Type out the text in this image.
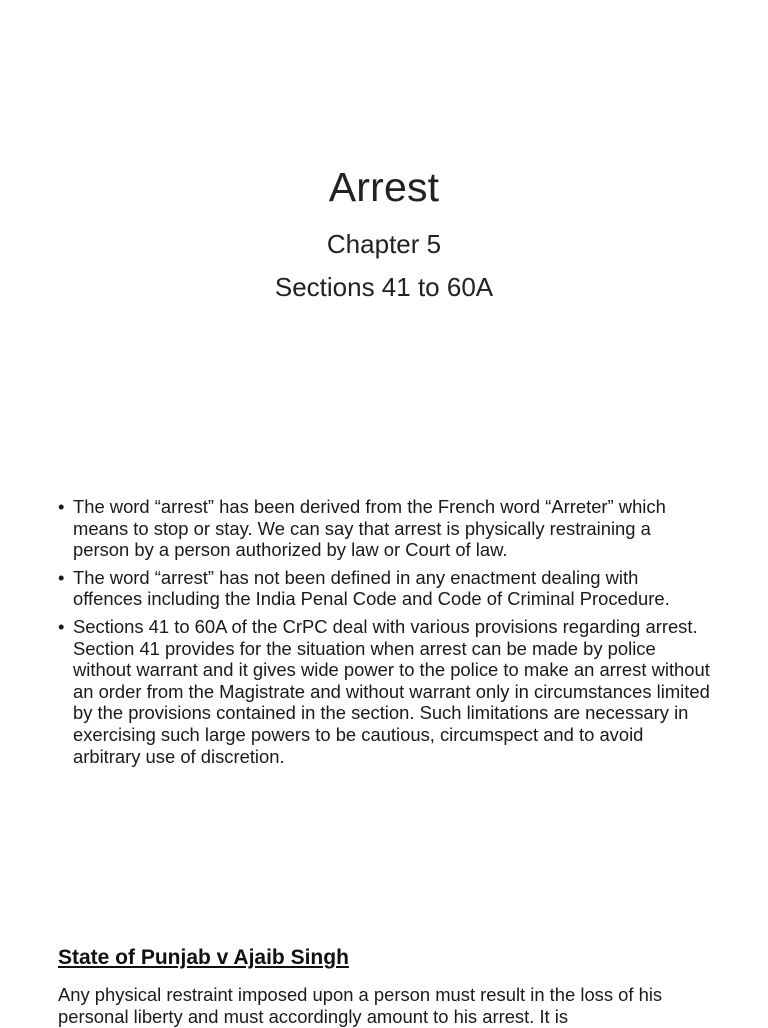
Arrest

Chapter 5

Sections 41 to 60A

• The word “arrest” has been derived from the French word “Arreter” which means to stop or stay. We can say that arrest is physically restraining a person by a person authorized by law or Court of law.
• The word “arrest” has not been defined in any enactment dealing with offences including the India Penal Code and Code of Criminal Procedure.
• Sections 41 to 60A of the CrPC deal with various provisions regarding arrest. Section 41 provides for the situation when arrest can be made by police without warrant and it gives wide power to the police to make an arrest without an order from the Magistrate and without warrant only in circumstances limited by the provisions contained in the section. Such limitations are necessary in exercising such large powers to be cautious, circumspect and to avoid arbitrary use of discretion.
State of Punjab v Ajaib Singh

Any physical restraint imposed upon a person must result in the loss of his personal liberty and must accordingly amount to his arrest. It is
